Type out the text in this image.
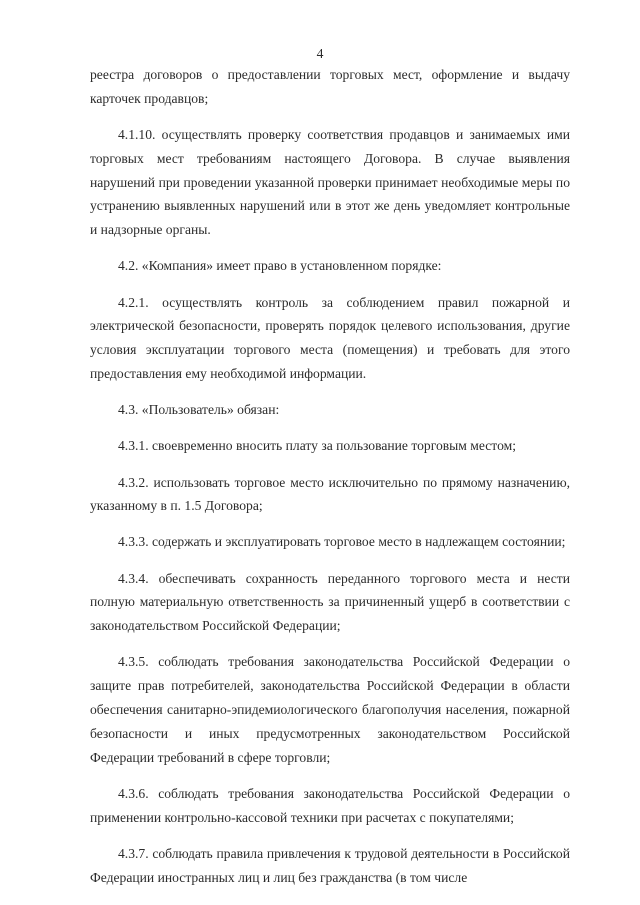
4

реестра договоров о предоставлении торговых мест, оформление и выдачу карточек продавцов;

4.1.10. осуществлять проверку соответствия продавцов и занимаемых ими торговых мест требованиям настоящего Договора. В случае выявления нарушений при проведении указанной проверки принимает необходимые меры по устранению выявленных нарушений или в этот же день уведомляет контрольные и надзорные органы.

4.2. «Компания» имеет право в установленном порядке:

4.2.1. осуществлять контроль за соблюдением правил пожарной и электрической безопасности, проверять порядок целевого использования, другие условия эксплуатации торгового места (помещения) и требовать для этого предоставления ему необходимой информации.

4.3. «Пользователь» обязан:

4.3.1. своевременно вносить плату за пользование торговым местом;

4.3.2. использовать торговое место исключительно по прямому назначению, указанному в п. 1.5 Договора;

4.3.3. содержать и эксплуатировать торговое место в надлежащем состоянии;

4.3.4. обеспечивать сохранность переданного торгового места и нести полную материальную ответственность за причиненный ущерб в соответствии с законодательством Российской Федерации;

4.3.5. соблюдать требования законодательства Российской Федерации о защите прав потребителей, законодательства Российской Федерации в области обеспечения санитарно-эпидемиологического благополучия населения, пожарной безопасности и иных предусмотренных законодательством Российской Федерации требований в сфере торговли;

4.3.6. соблюдать требования законодательства Российской Федерации о применении контрольно-кассовой техники при расчетах с покупателями;

4.3.7. соблюдать правила привлечения к трудовой деятельности в Российской Федерации иностранных лиц и лиц без гражданства (в том числе
